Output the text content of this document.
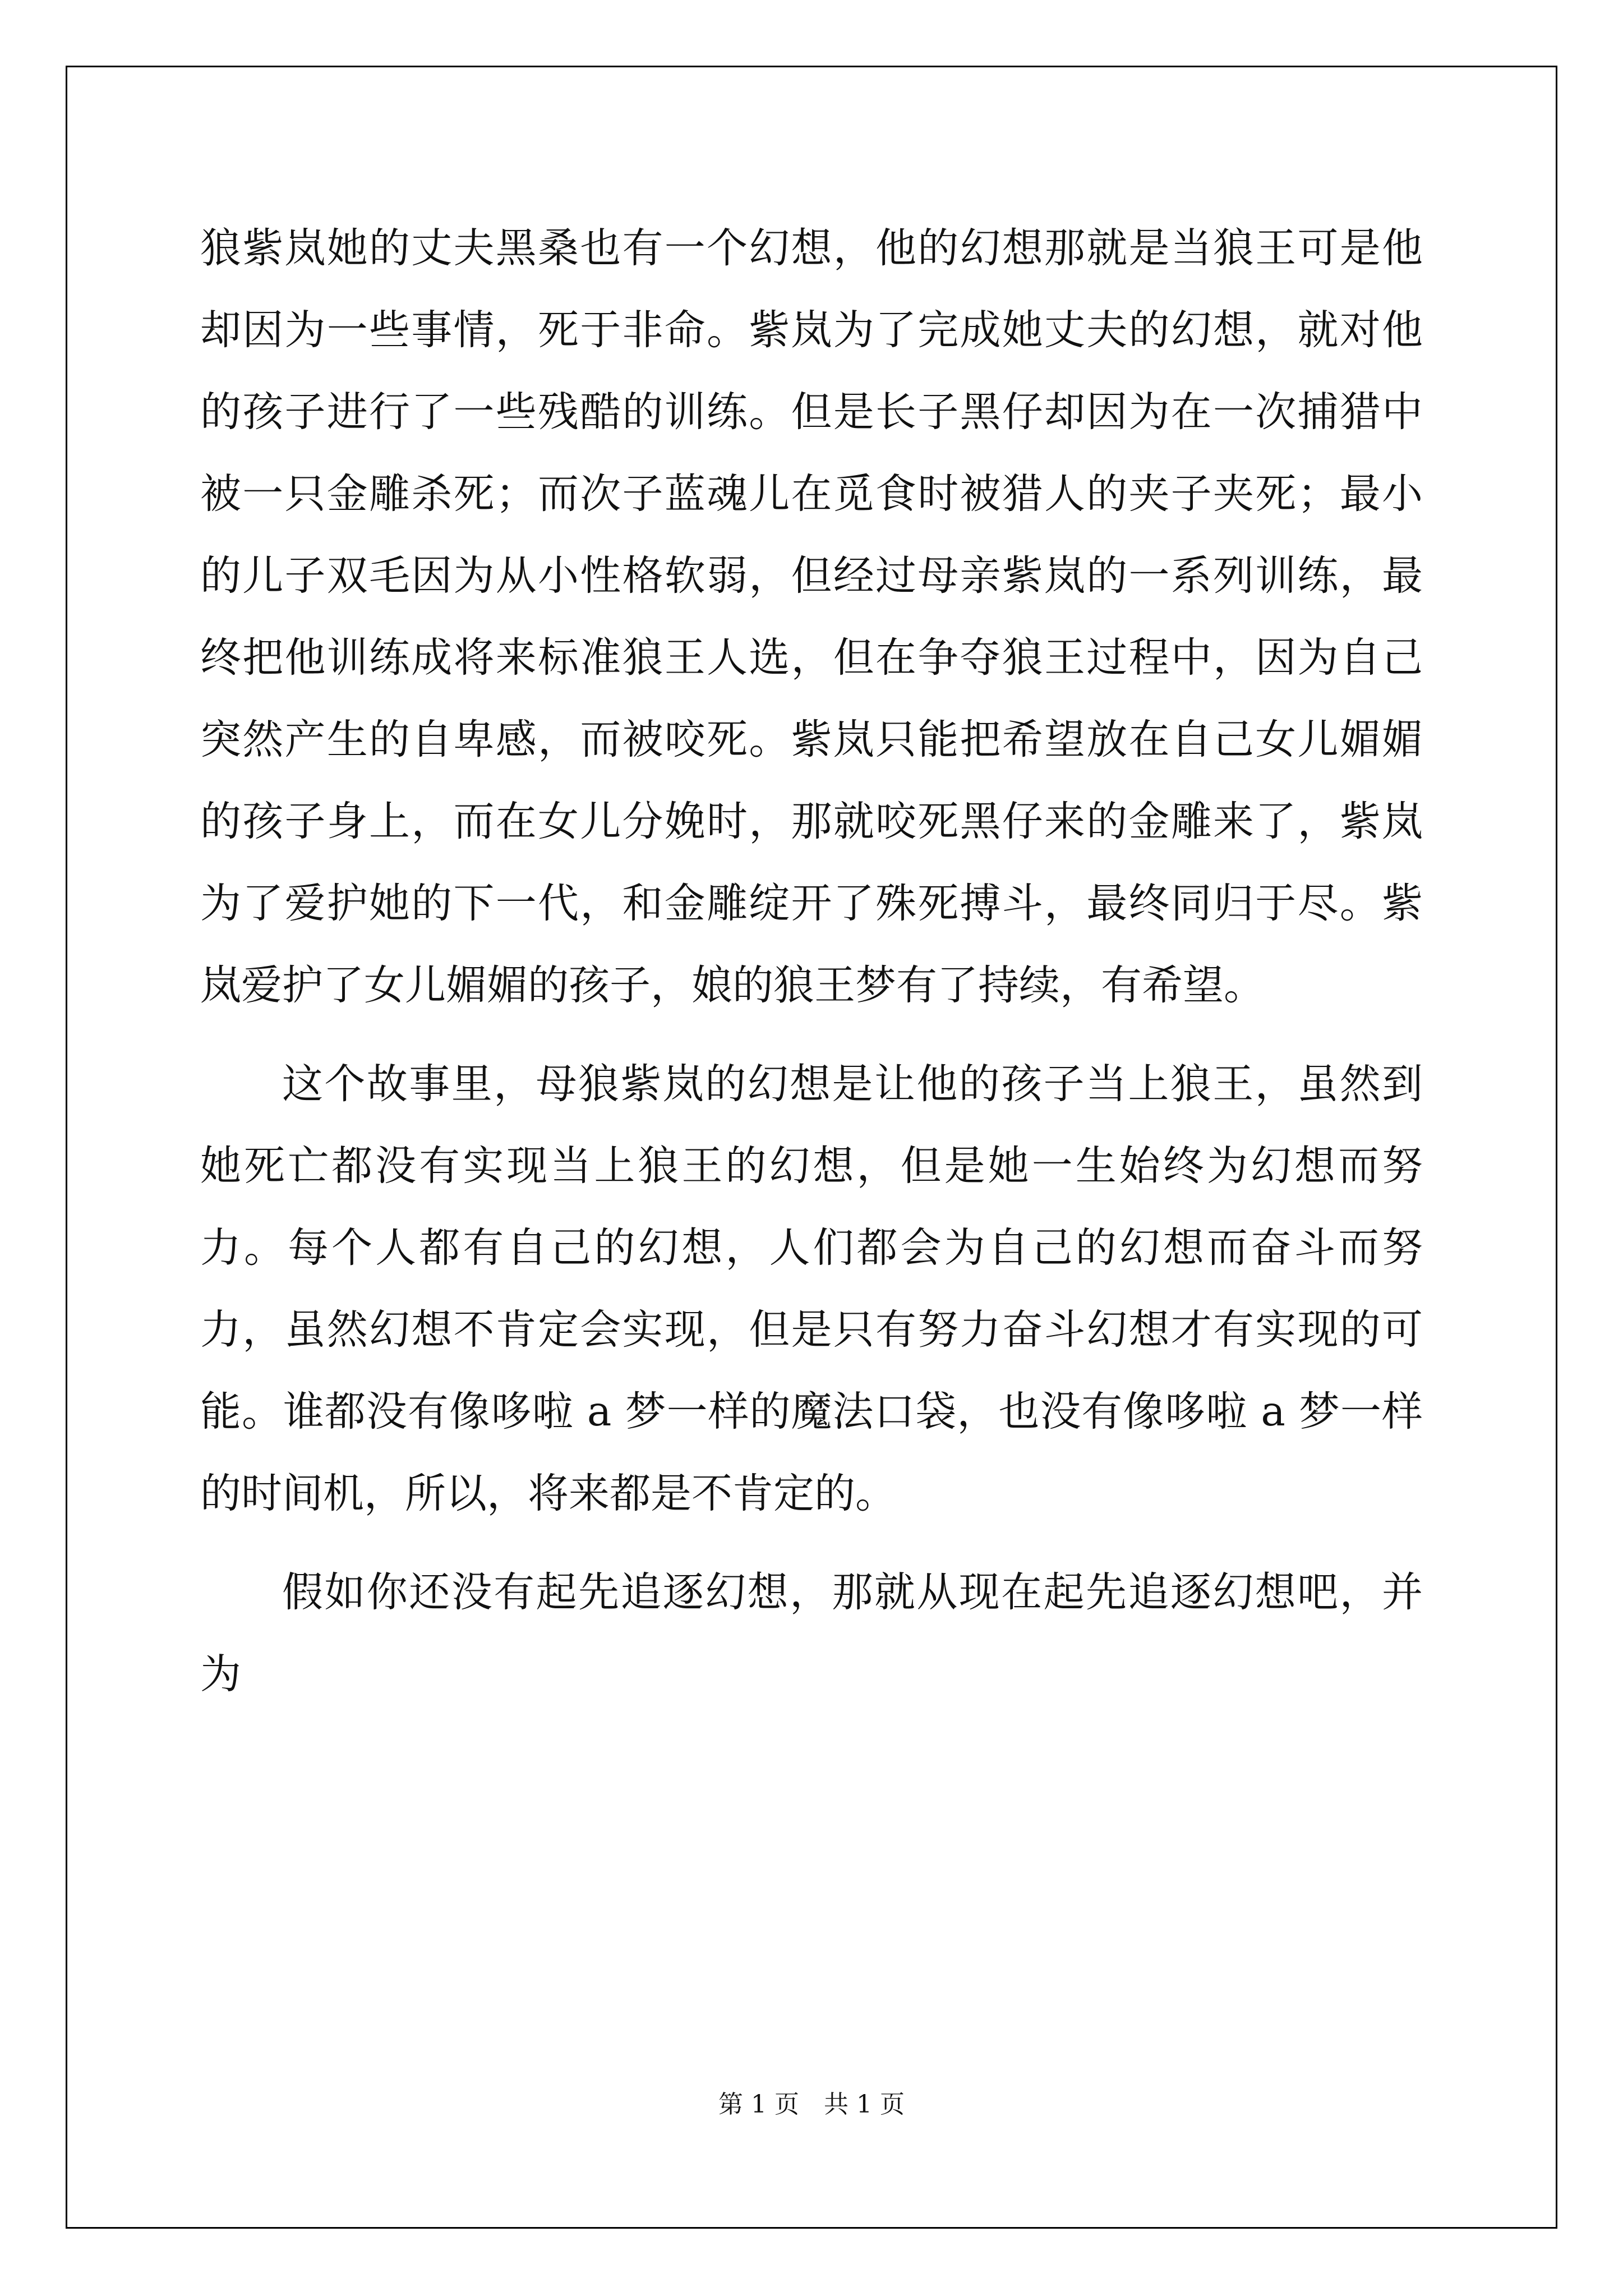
狼紫岚她的丈夫黑桑也有一个幻想，他的幻想那就是当狼王可是他却因为一些事情，死于非命。紫岚为了完成她丈夫的幻想，就对他的孩子进行了一些残酷的训练。但是长子黑仔却因为在一次捕猎中被一只金雕杀死；而次子蓝魂儿在觅食时被猎人的夹子夹死；最小的儿子双毛因为从小性格软弱，但经过母亲紫岚的一系列训练，最终把他训练成将来标准狼王人选，但在争夺狼王过程中，因为自己突然产生的自卑感，而被咬死。紫岚只能把希望放在自己女儿媚媚的孩子身上，而在女儿分娩时，那就咬死黑仔来的金雕来了，紫岚为了爱护她的下一代，和金雕绽开了殊死搏斗，最终同归于尽。紫岚爱护了女儿媚媚的孩子，娘的狼王梦有了持续，有希望。

这个故事里，母狼紫岚的幻想是让他的孩子当上狼王，虽然到她死亡都没有实现当上狼王的幻想，但是她一生始终为幻想而努力。每个人都有自己的幻想，人们都会为自己的幻想而奋斗而努力，虽然幻想不肯定会实现，但是只有努力奋斗幻想才有实现的可能。谁都没有像哆啦 a 梦一样的魔法口袋，也没有像哆啦 a 梦一样的时间机，所以，将来都是不肯定的。

假如你还没有起先追逐幻想，那就从现在起先追逐幻想吧，并为

第 1 页　共 1 页
